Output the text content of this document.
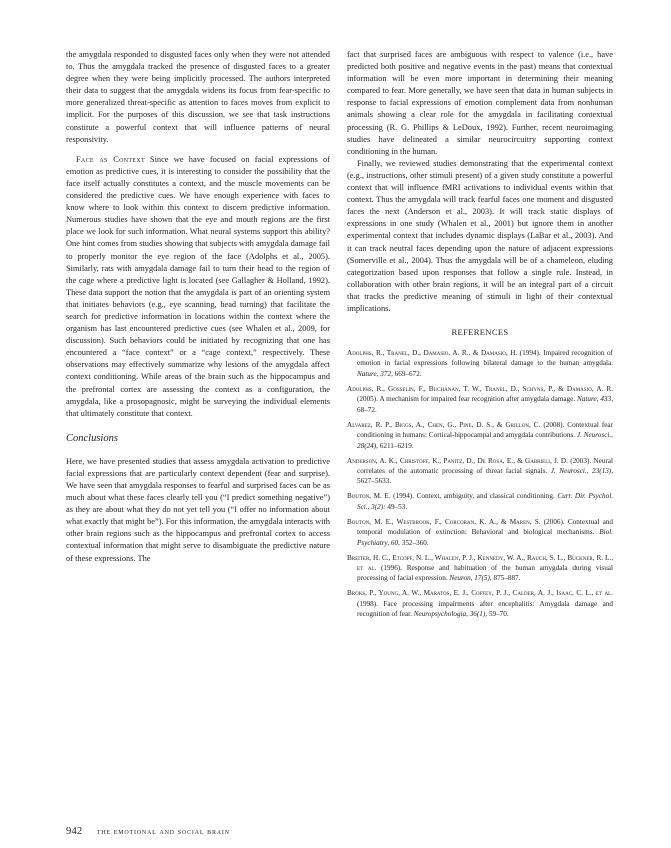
the amygdala responded to disgusted faces only when they were not attended to. Thus the amygdala tracked the presence of disgusted faces to a greater degree when they were being implicitly processed. The authors interpreted their data to suggest that the amygdala widens its focus from fear-specific to more generalized threat-specific as attention to faces moves from explicit to implicit. For the purposes of this discussion, we see that task instructions constitute a powerful context that will influence patterns of neural responsivity.

Face as Context Since we have focused on facial expressions of emotion as predictive cues, it is interesting to consider the possibility that the face itself actually constitutes a context, and the muscle movements can be considered the predictive cues. We have enough experience with faces to know where to look within this context to discern predictive information. Numerous studies have shown that the eye and mouth regions are the first place we look for such information. What neural systems support this ability? One hint comes from studies showing that subjects with amygdala damage fail to properly monitor the eye region of the face (Adolphs et al., 2005). Similarly, rats with amygdala damage fail to turn their head to the region of the cage where a predictive light is located (see Gallagher & Holland, 1992). These data support the notion that the amygdala is part of an orienting system that initiates behaviors (e.g., eye scanning, head turning) that facilitate the search for predictive information in locations within the context where the organism has last encountered predictive cues (see Whalen et al., 2009, for discussion). Such behaviors could be initiated by recognizing that one has encountered a “face context” or a “cage context,” respectively. These observations may effectively summarize why lesions of the amygdala affect context conditioning. While areas of the brain such as the hippocampus and the prefrontal cortex are assessing the context as a configuration, the amygdala, like a prosopagnosic, might be surveying the individual elements that ultimately constitute that context.

Conclusions

Here, we have presented studies that assess amygdala activation to predictive facial expressions that are particularly context dependent (fear and surprise). We have seen that amygdala responses to fearful and surprised faces can be as much about what these faces clearly tell you (“I predict something negative”) as they are about what they do not yet tell you (“I offer no information about what exactly that might be”). For this information, the amygdala interacts with other brain regions such as the hippocampus and prefrontal cortex to access contextual information that might serve to disambiguate the predictive nature of these expressions. The

fact that surprised faces are ambiguous with respect to valence (i.e., have predicted both positive and negative events in the past) means that contextual information will be even more important in determining their meaning compared to fear. More generally, we have seen that data in human subjects in response to facial expressions of emotion complement data from nonhuman animals showing a clear role for the amygdala in facilitating contextual processing (R. G. Phillips & LeDoux, 1992). Further, recent neuroimaging studies have delineated a similar neurocircuitry supporting context conditioning in the human.

Finally, we reviewed studies demonstrating that the experimental context (e.g., instructions, other stimuli present) of a given study constitute a powerful context that will influence fMRI activations to individual events within that context. Thus the amygdala will track fearful faces one moment and disgusted faces the next (Anderson et al., 2003). It will track static displays of expressions in one study (Whalen et al., 2001) but ignore them in another experimental context that includes dynamic displays (LaBar et al., 2003). And it can track neutral faces depending upon the nature of adjacent expressions (Somerville et al., 2004). Thus the amygdala will be of a chameleon, eluding categorization based upon responses that follow a single rule. Instead, in collaboration with other brain regions, it will be an integral part of a circuit that tracks the predictive meaning of stimuli in light of their contextual implications.

REFERENCES

Adolphs, R., Tranel, D., Damasio, A. R., & Damasio, H. (1994). Impaired recognition of emotion in facial expressions following bilateral damage to the human amygdala. Nature, 372, 669–672.

Adolphs, R., Gosselin, F., Buchanan, T. W., Tranel, D., Schyns, P., & Damasio, A. R. (2005). A mechanism for impaired fear recognition after amygdala damage. Nature, 433, 68–72.

Alvarez, R. P., Biggs, A., Chen, G., Pine, D. S., & Grillon, C. (2008). Contextual fear conditioning in humans: Cortical-hippocampal and amygdala contributions. J. Neurosci., 28(24), 6211–6219.

Anderson, A. K., Christoff, K., Panitz, D., De Rosa, E., & Gabrieli, J. D. (2003). Neural correlates of the automatic processing of threat facial signals. J. Neurosci., 23(13), 5627–5633.

Bouton, M. E. (1994). Context, ambiguity, and classical conditioning. Curr. Dir. Psychol. Sci., 3(2): 49–53.

Bouton, M. E., Westbrook, F., Corcoran, K. A., & Maren, S. (2006). Contextual and temporal modulation of extinction: Behavioral and biological mechanisms. Biol. Psychiatry, 60, 352–360.

Breiter, H. C., Etcoff, N. L., Whalen, P. J., Kennedy, W. A., Rauch, S. L., Buckner, R. L., et al. (1996). Response and habituation of the human amygdala during visual processing of facial expression. Neuron, 17(5), 875–887.

Broks, P., Young, A. W., Maratos, E. J., Coffey, P. J., Calder, A. J., Isaac, C. L., et al. (1998). Face processing impairments after encephalitis: Amygdala damage and recognition of fear. Neuropsychologia, 36(1), 59–70.

942 the emotional and social brain
